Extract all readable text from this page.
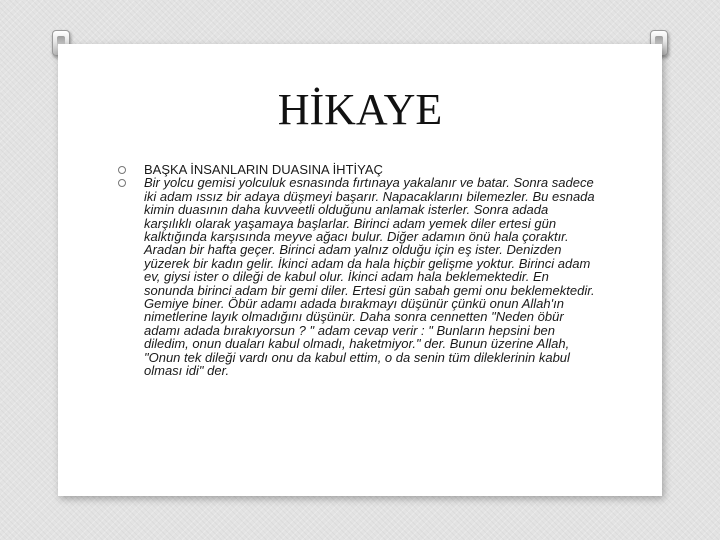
HİKAYE
BAŞKA İNSANLARIN DUASINA İHTİYAÇ
Bir yolcu gemisi yolculuk esnasında fırtınaya yakalanır ve batar. Sonra sadece iki adam ıssız bir adaya düşmeyi başarır. Napacaklarını bilemezler. Bu esnada kimin duasının daha kuvveetli olduğunu anlamak isterler. Sonra adada karşılıklı olarak yaşamaya başlarlar. Birinci adam yemek diler ertesi gün kalktığında karşısında meyve ağacı bulur. Diğer adamın önü hala çoraktır. Aradan bir hafta geçer. Birinci adam yalnız olduğu için eş ister. Denizden yüzerek bir kadın gelir. İkinci adam da hala hiçbir gelişme yoktur. Birinci adam ev, giysi ister o dileği de kabul olur. İkinci adam hala beklemektedir. En sonunda birinci adam bir gemi diler. Ertesi gün sabah gemi onu beklemektedir. Gemiye biner. Öbür adamı adada bırakmayı düşünür çünkü onun Allah'ın nimetlerine layık olmadığını düşünür. Daha sonra cennetten "Neden öbür adamı adada bırakıyorsun ? " adam cevap verir : " Bunların hepsini ben diledim, onun duaları kabul olmadı, haketmiyor." der. Bunun üzerine Allah, "Onun tek dileği vardı onu da kabul ettim, o da senin tüm dileklerinin kabul olması idi" der.
